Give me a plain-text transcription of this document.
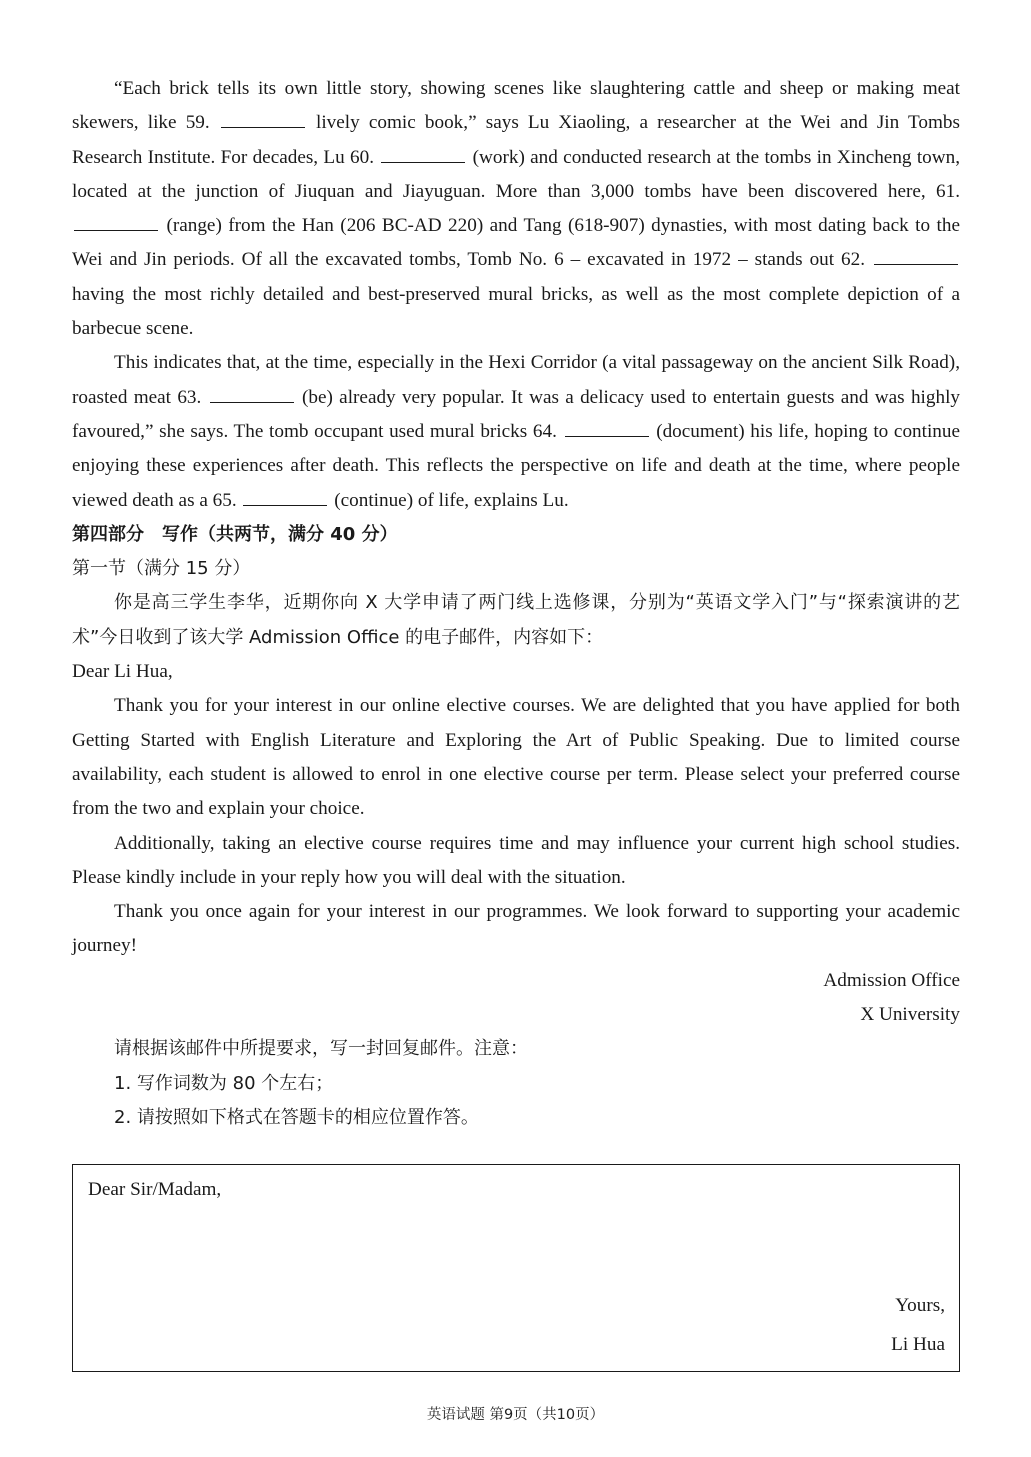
“Each brick tells its own little story, showing scenes like slaughtering cattle and sheep or making meat skewers, like 59.	lively comic book,” says Lu Xiaoling, a researcher at the Wei and Jin Tombs Research Institute. For decades, Lu 60.	(work) and conducted research at the tombs in Xincheng town, located at the junction of Jiuquan and Jiayuguan. More than 3,000 tombs have been discovered here, 61.  (range) from the Han (206 BC-AD 220) and Tang (618-907) dynasties, with most dating back to the Wei and Jin periods. Of all the excavated tombs, Tomb No. 6 – excavated in 1972 – stands out 62.  having the most richly detailed and best-preserved mural bricks, as well as the most complete depiction of a barbecue scene.

This indicates that, at the time, especially in the Hexi Corridor (a vital passageway on the ancient Silk Road), roasted meat 63.	(be) already very popular. It was a delicacy used to entertain guests and was highly favoured,” she says. The tomb occupant used mural bricks 64.	(document) his life, hoping to continue enjoying these experiences after death. This reflects the perspective on life and death at the time, where people viewed death as a 65.	(continue) of life, explains Lu.

第四部分　写作（共两节，满分 40 分）

第一节（满分 15 分）

你是高三学生李华，近期你向 X 大学申请了两门线上选修课，分别为“英语文学入门”与“探索演讲的艺术”今日收到了该大学 Admission Office 的电子邮件，内容如下：

Dear Li Hua,

Thank you for your interest in our online elective courses. We are delighted that you have applied for both Getting Started with English Literature and Exploring the Art of Public Speaking. Due to limited course availability, each student is allowed to enrol in one elective course per term. Please select your preferred course from the two and explain your choice.

Additionally, taking an elective course requires time and may influence your current high school studies. Please kindly include in your reply how you will deal with the situation.

Thank you once again for your interest in our programmes. We look forward to supporting your academic journey!

Admission Office

X University

请根据该邮件中所提要求，写一封回复邮件。注意：

1. 写作词数为 80 个左右；

2. 请按照如下格式在答题卡的相应位置作答。

Dear Sir/Madam,
Yours,
Li Hua
英语试题 第9页（共10页）
